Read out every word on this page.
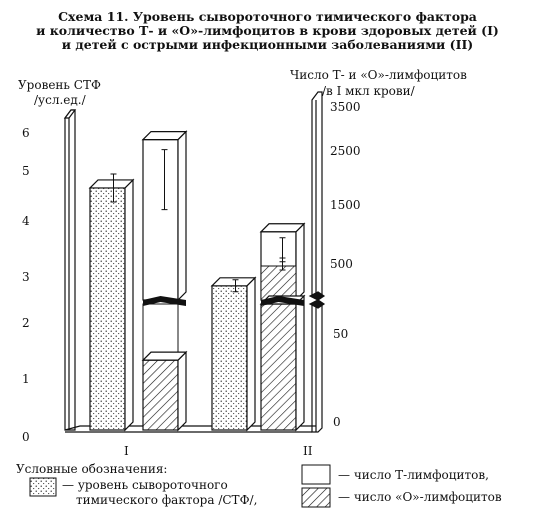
Схема 11. Уровень сывороточного тимического фактора
и количество Т- и «О»-лимфоцитов в крови здоровых детей (I)
и детей с острыми инфекционными заболеваниями (II)
Уровень СТФ
/усл.ед./
Число Т- и «О»-лимфоцитов
/в I мкл крови/
6
5
4
3
2
1
0
3500
2500
1500
500
50
0
I	II
Условные обозначения:
— уровень сывороточного
тимического фактора /СТФ/,
— число Т-лимфоцитов,
— число «О»-лимфоцитов
